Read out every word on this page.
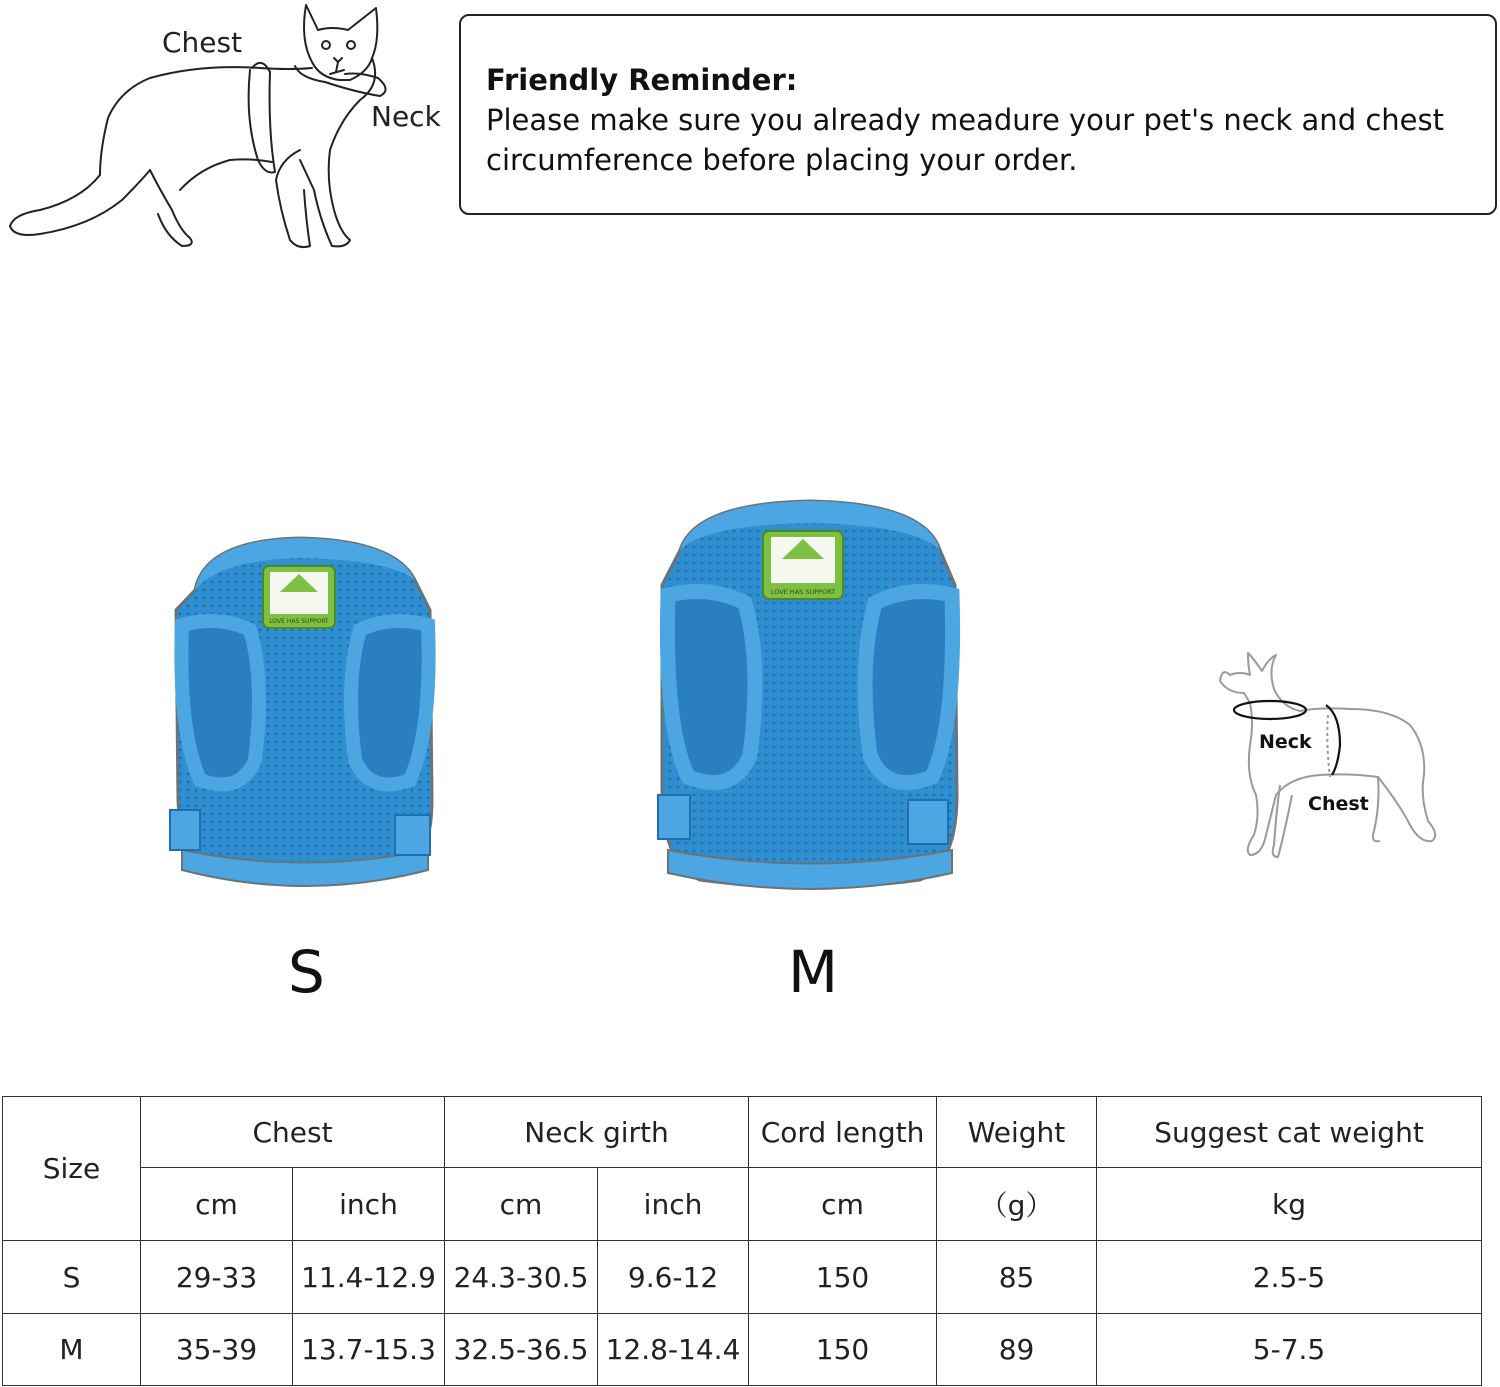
Chest
Neck
Friendly Reminder:
Please make sure you already meadure your pet's neck and chest circumference before placing your order.
LOVE HAS SUPPORT
S
LOVE HAS SUPPORT
M
Neck
Chest
Size	Chest		Neck girth		Cord length	Weight	Suggest cat weight
	cm	inch	cm	inch	cm	（g）	kg
S	29-33	11.4-12.9	24.3-30.5	9.6-12	150	85	2.5-5
M	35-39	13.7-15.3	32.5-36.5	12.8-14.4	150	89	5-7.5
